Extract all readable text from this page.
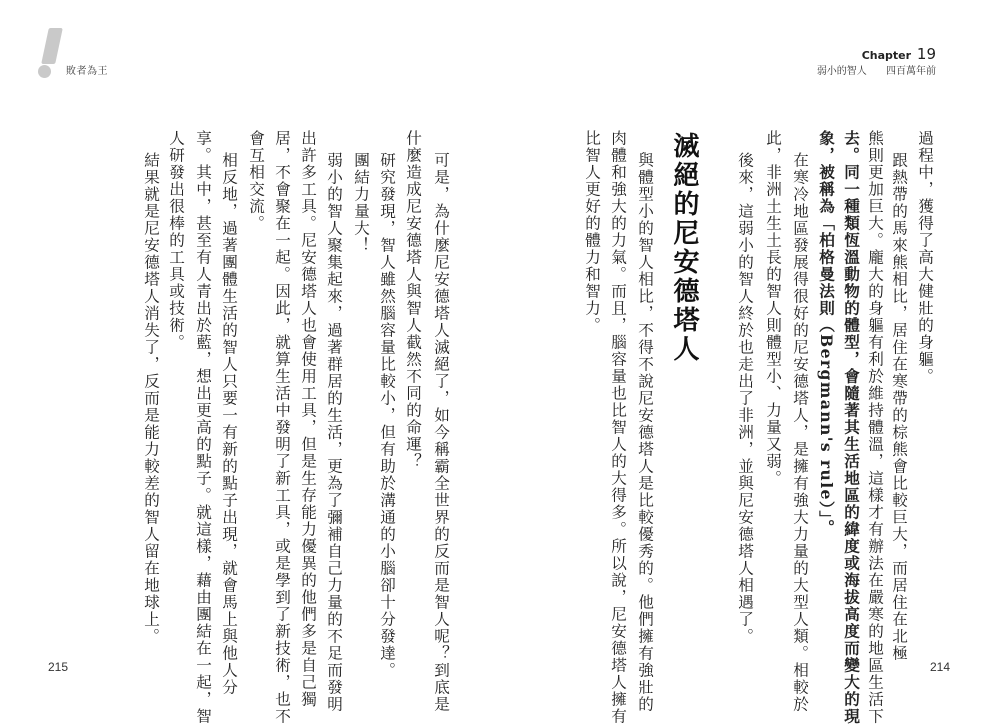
敗者為王
Chapter 19
弱小的智人 四百萬年前
過程中，獲得了高大健壯的身軀。
跟熱帶的馬來熊相比，居住在寒帶的棕熊會比較巨大，而居住在北極
熊則更加巨大。龐大的身軀有利於維持體溫，這樣才有辦法在嚴寒的地區生活下
去。同一種類恆溫動物的體型，會隨著其生活地區的緯度或海拔高度而變大的現
象，被稱為「柏格曼法則（Bergmann's rule）」。
在寒冷地區發展得很好的尼安德塔人，是擁有強大力量的大型人類。相較於
此，非洲土生土長的智人則體型小、力量又弱。
後來，這弱小的智人終於也走出了非洲，並與尼安德塔人相遇了。
滅絕的尼安德塔人
與體型小的智人相比，不得不說尼安德塔人是比較優秀的。他們擁有強壯的
肉體和強大的力氣。而且，腦容量也比智人的大得多。所以說，尼安德塔人擁有
比智人更好的體力和智力。
可是，為什麼尼安德塔人滅絕了，如今稱霸全世界的反而是智人呢？到底是
什麼造成尼安德塔人與智人截然不同的命運？
研究發現，智人雖然腦容量比較小，但有助於溝通的小腦卻十分發達。
團結力量大！
弱小的智人聚集起來，過著群居的生活，更為了彌補自己力量的不足而發明
出許多工具。尼安德塔人也會使用工具，但是生存能力優異的他們多是自己獨
居，不會聚在一起。因此，就算生活中發明了新工具，或是學到了新技術，也不
會互相交流。
相反地，過著團體生活的智人只要一有新的點子出現，就會馬上與他人分
享。其中，甚至有人青出於藍，想出更高的點子。就這樣，藉由團結在一起，智
人研發出很棒的工具或技術。
結果就是尼安德塔人消失了，反而是能力較差的智人留在地球上。
215	214
